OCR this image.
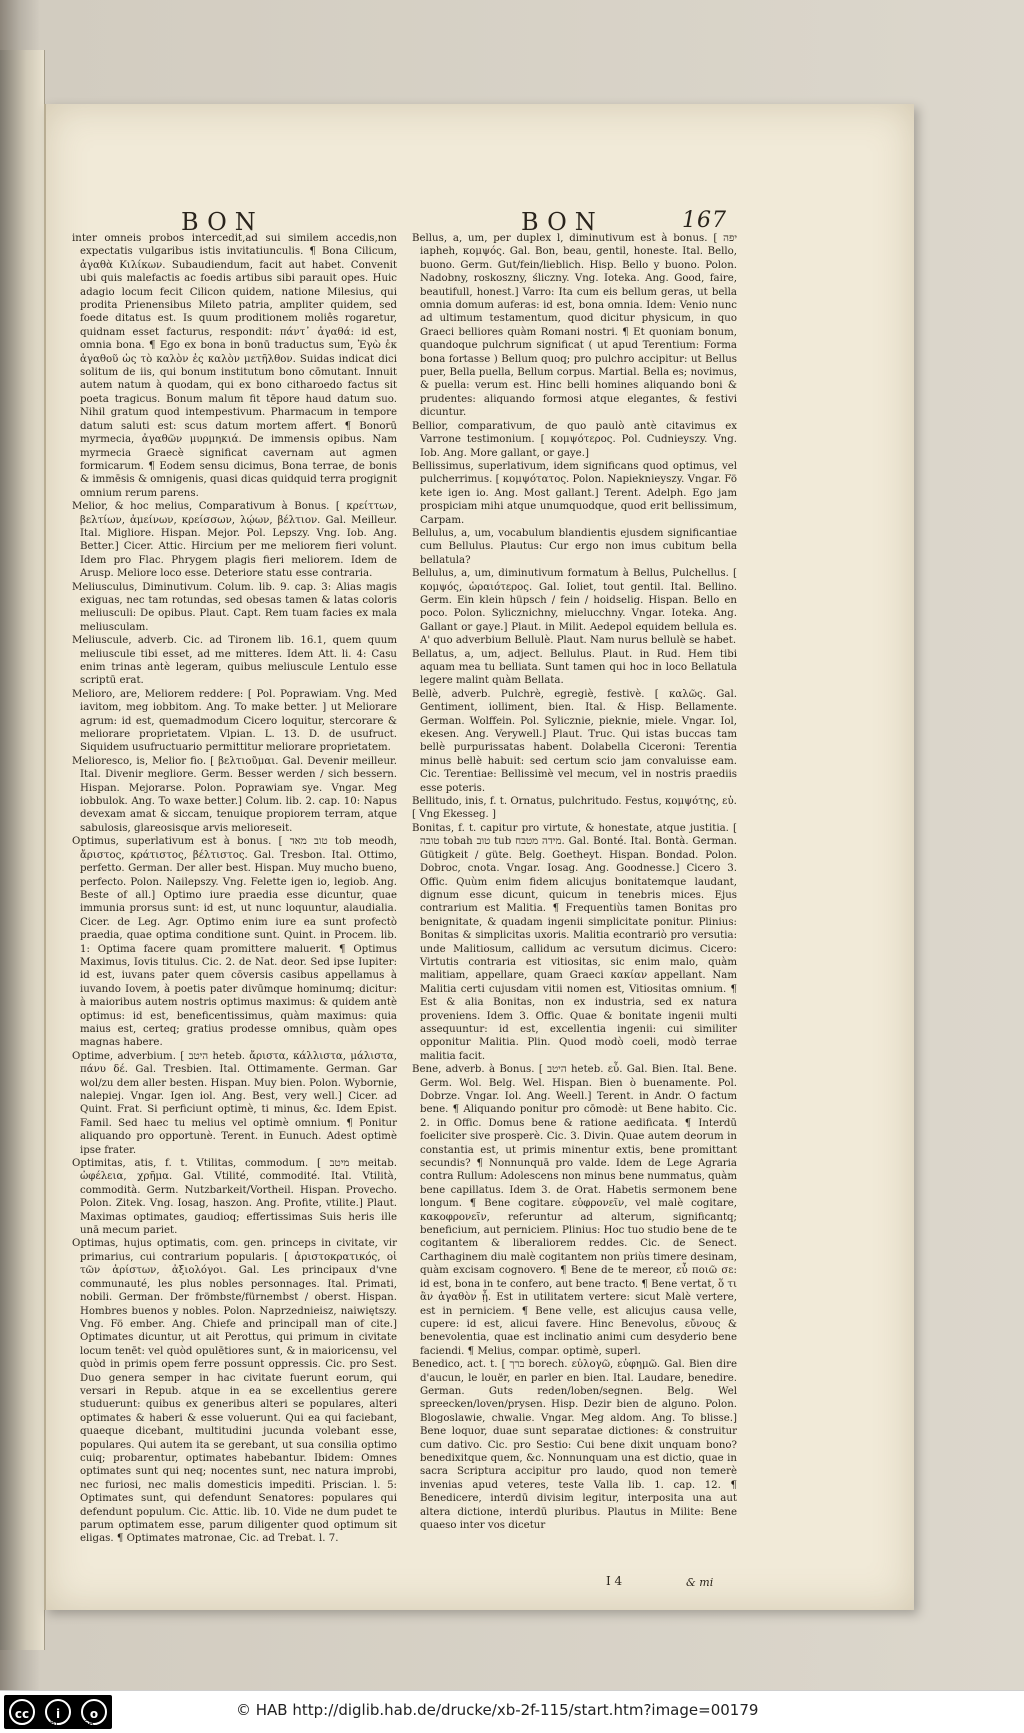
BON	BON	167

inter omneis probos intercedit,ad sui similem accedis,non expectatis vulgaribus istis invitatiunculis. ¶ Bona Cilicum, ἀγαθὰ Κιλίκων. Subaudiendum, facit aut habet. Convenit ubi quis malefactis ac foedis artibus sibi parauit opes. Huic adagio locum fecit Cilicon quidem, natione Milesius, qui prodita Prienensibus Mileto patria, ampliter quidem, sed foede ditatus est. Is quum proditionem moliês rogaretur, quidnam esset facturus, respondit: πάντ᾽ ἀγαθά: id est, omnia bona. ¶ Ego ex bona in bonū traductus sum, Ἐγὼ ἐκ ἀγαθοῦ ὡς τὸ καλὸν ἐς καλὸν μετῆλθον. Suidas indicat dici solitum de iis, qui bonum institutum bono cōmutant. Innuit autem natum à quodam, qui ex bono citharoedo factus sit poeta tragicus. Bonum malum fit tēpore haud datum suo. Nihil gratum quod intempestivum. Pharmacum in tempore datum saluti est: scus datum mortem affert. ¶ Bonorū myrmecia, ἀγαθῶν μυρμηκιά. De immensis opibus. Nam myrmecia Graecè significat cavernam aut agmen formicarum. ¶ Eodem sensu dicimus, Bona terrae, de bonis & immēsis & omnigenis, quasi dicas quidquid terra progignit omnium rerum parens.

Melior, & hoc melius, Comparativum à Bonus. [ κρείττων, βελτίων, ἀμείνων, κρείσσων, λῴων, βέλτιον. Gal. Meilleur. Ital. Migliore. Hispan. Mejor. Pol. Lepszy. Vng. Iob. Ang. Better.] Cicer. Attic. Hircium per me meliorem fieri volunt. Idem pro Flac. Phrygem plagis fieri meliorem. Idem de Arusp. Meliore loco esse. Deteriore statu esse contraria.

Meliusculus, Diminutivum. Colum. lib. 9. cap. 3: Alias magis exiguas, nec tam rotundas, sed obesas tamen & latas coloris meliusculi: De opibus. Plaut. Capt. Rem tuam facies ex mala meliusculam.

Meliuscule, adverb. Cic. ad Tironem lib. 16.1, quem quum meliuscule tibi esset, ad me mitteres. Idem Att. li. 4: Casu enim trinas antè legeram, quibus meliuscule Lentulo esse scriptū erat.

Melioro, are, Meliorem reddere: [ Pol. Poprawiam. Vng. Med iavitom, meg iobbitom. Ang. To make better. ] ut Meliorare agrum: id est, quemadmodum Cicero loquitur, stercorare & meliorare proprietatem. Vlpian. L. 13. D. de usufruct. Siquidem usufructuario permittitur meliorare proprietatem.

Melioresco, is, Melior fio. [ βελτιοῦμαι. Gal. Devenir meilleur. Ital. Divenir megliore. Germ. Besser werden / sich bessern. Hispan. Mejorarse. Polon. Poprawiam sye. Vngar. Meg iobbulok. Ang. To waxe better.] Colum. lib. 2. cap. 10: Napus devexam amat & siccam, tenuique propiorem terram, atque sabulosis, glareosisque arvis melioreseit.

Optimus, superlativum est à bonus. [ טוב מאד tob meodh, ἄριστος, κράτιστος, βέλτιστος. Gal. Tresbon. Ital. Ottimo, perfetto. German. Der aller best. Hispan. Muy mucho bueno, perfecto. Polon. Nailepszy. Vng. Felette igen io, legiob. Ang. Beste of all.] Optimo iure praedia esse dicuntur, quae immunia prorsus sunt: id est, ut nunc loquuntur, alaudialia. Cicer. de Leg. Agr. Optimo enim iure ea sunt profectò praedia, quae optima conditione sunt. Quint. in Procem. lib. 1: Optima facere quam promittere maluerit. ¶ Optimus Maximus, Iovis titulus. Cic. 2. de Nat. deor. Sed ipse Iupiter: id est, iuvans pater quem cōversis casibus appellamus à iuvando Iovem, à poetis pater divūmque hominumq; dicitur: à maioribus autem nostris optimus maximus: & quidem antè optimus: id est, beneficentissimus, quàm maximus: quia maius est, certeq; gratius prodesse omnibus, quàm opes magnas habere.

Optime, adverbium. [ היטב heteb. ἄριστα, κάλλιστα, μάλιστα, πάνυ δέ. Gal. Tresbien. Ital. Ottimamente. German. Gar wol/zu dem aller besten. Hispan. Muy bien. Polon. Wybornie, nalepiej. Vngar. Igen iol. Ang. Best, very well.] Cicer. ad Quint. Frat. Si perficiunt optimè, ti minus, &c. Idem Epist. Famil. Sed haec tu melius vel optimè omnium. ¶ Ponitur aliquando pro opportunè. Terent. in Eunuch. Adest optimè ipse frater.

Optimitas, atis, f. t. Vtilitas, commodum. [ מיטב meitab. ὠφέλεια, χρῆμα. Gal. Vtilité, commodité. Ital. Vtilità, commodità. Germ. Nutzbarkeit/Vortheil. Hispan. Provecho. Polon. Zitek. Vng. Iosag, haszon. Ang. Profite, vtilite.] Plaut. Maximas optimates, gaudioq; effertissimas Suis heris ille unā mecum pariet.

Optimas, hujus optimatis, com. gen. princeps in civitate, vir primarius, cui contrarium popularis. [ ἀριστοκρατικός, οἱ τῶν ἀρίστων, ἀξιολόγοι. Gal. Les principaux d'vne communauté, les plus nobles personnages. Ital. Primati, nobili. German. Der frömbste/fürnembst / oberst. Hispan. Hombres buenos y nobles. Polon. Naprzednieisz, naiwiętszy. Vng. Fö ember. Ang. Chiefe and principall man of cite.] Optimates dicuntur, ut ait Perottus, qui primum in civitate locum tenēt: vel quòd opulētiores sunt, & in maioricensu, vel quòd in primis opem ferre possunt oppressis. Cic. pro Sest. Duo genera semper in hac civitate fuerunt eorum, qui versari in Repub. atque in ea se excellentius gerere studuerunt: quibus ex generibus alteri se populares, alteri optimates & haberi & esse voluerunt. Qui ea qui faciebant, quaeque dicebant, multitudini jucunda volebant esse, populares. Qui autem ita se gerebant, ut sua consilia optimo cuiq; probarentur, optimates habebantur. Ibidem: Omnes optimates sunt qui neq; nocentes sunt, nec natura improbi, nec furiosi, nec malis domesticis impediti. Priscian. l. 5: Optimates sunt, qui defendunt Senatores: populares qui defendunt populum. Cic. Attic. lib. 10. Vide ne dum pudet te parum optimatem esse, parum diligenter quod optimum sit eligas. ¶ Optimates matronae, Cic. ad Trebat. l. 7.

Bellus, a, um, per duplex l, diminutivum est à bonus. [ יפה iapheh, κομψός. Gal. Bon, beau, gentil, honeste. Ital. Bello, buono. Germ. Gut/fein/lieblich. Hisp. Bello y buono. Polon. Nadobny, roskoszny, śliczny. Vng. Ioteka. Ang. Good, faire, beautifull, honest.] Varro: Ita cum eis bellum geras, ut bella omnia domum auferas: id est, bona omnia. Idem: Venio nunc ad ultimum testamentum, quod dicitur physicum, in quo Graeci belliores quàm Romani nostri. ¶ Et quoniam bonum, quandoque pulchrum significat ( ut apud Terentium: Forma bona fortasse ) Bellum quoq; pro pulchro accipitur: ut Bellus puer, Bella puella, Bellum corpus. Martial. Bella es; novimus, & puella: verum est. Hinc belli homines aliquando boni & prudentes: aliquando formosi atque elegantes, & festivi dicuntur.

Bellior, comparativum, de quo paulò antè citavimus ex Varrone testimonium. [ κομψότερος. Pol. Cudnieyszy. Vng. Iob. Ang. More gallant, or gaye.]

Bellissimus, superlativum, idem significans quod optimus, vel pulcherrimus. [ κομψότατος. Polon. Napieknieyszy. Vngar. Fö kete igen io. Ang. Most gallant.] Terent. Adelph. Ego jam prospiciam mihi atque unumquodque, quod erit bellissimum, Carpam.

Bellulus, a, um, vocabulum blandientis ejusdem significantiae cum Bellulus. Plautus: Cur ergo non imus cubitum bella bellatula?

Bellulus, a, um, diminutivum formatum à Bellus, Pulchellus. [ κομψός, ὡραιότερος. Gal. Ioliet, tout gentil. Ital. Bellino. Germ. Ein klein hüpsch / fein / hoidselig. Hispan. Bello en poco. Polon. Sylicznichny, mielucchny. Vngar. Ioteka. Ang. Gallant or gaye.] Plaut. in Milit. Aedepol equidem bellula es. A' quo adverbium Bellulè. Plaut. Nam nurus bellulè se habet.

Bellatus, a, um, adject. Bellulus. Plaut. in Rud. Hem tibi aquam mea tu belliata. Sunt tamen qui hoc in loco Bellatula legere malint quàm Bellata.

Bellè, adverb. Pulchrè, egregiè, festivè. [ καλῶς. Gal. Gentiment, iolliment, bien. Ital. & Hisp. Bellamente. German. Wolffein. Pol. Sylicznie, pieknie, miele. Vngar. Iol, ekesen. Ang. Verywell.] Plaut. Truc. Qui istas buccas tam bellè purpurissatas habent. Dolabella Ciceroni: Terentia minus bellè habuit: sed certum scio jam convaluisse eam. Cic. Terentiae: Bellissimè vel mecum, vel in nostris praediis esse poteris.

Bellitudo, inis, f. t. Ornatus, pulchritudo. Festus, κομψότης, εὐ.

[ Vng Ekesseg. ]

Bonitas, f. t. capitur pro virtute, & honestate, atque justitia. [ טובה tobah טוב tub מידה מטבח. Gal. Bonté. Ital. Bontà. German. Gütigkeit / güte. Belg. Goetheyt. Hispan. Bondad. Polon. Dobroc, cnota. Vngar. Iosag. Ang. Goodnesse.] Cicero 3. Offic. Quùm enim fidem alicujus bonitatemque laudant, dignum esse dicunt, quicum in tenebris mices. Ejus contrarium est Malitia. ¶ Frequentiùs tamen Bonitas pro benignitate, & quadam ingenii simplicitate ponitur. Plinius: Bonitas & simplicitas uxoris. Malitia econtrariò pro versutia: unde Malitiosum, callidum ac versutum dicimus. Cicero: Virtutis contraria est vitiositas, sic enim malo, quàm malitiam, appellare, quam Graeci κακίαν appellant. Nam Malitia certi cujusdam vitii nomen est, Vitiositas omnium. ¶ Est & alia Bonitas, non ex industria, sed ex natura proveniens. Idem 3. Offic. Quae & bonitate ingenii multi assequuntur: id est, excellentia ingenii: cui similiter opponitur Malitia. Plin. Quod modò coeli, modò terrae malitia facit.

Bene, adverb. à Bonus. [ היטב heteb. εὖ. Gal. Bien. Ital. Bene. Germ. Wol. Belg. Wel. Hispan. Bien ò buenamente. Pol. Dobrze. Vngar. Iol. Ang. Weell.] Terent. in Andr. O factum bene. ¶ Aliquando ponitur pro cōmodè: ut Bene habito. Cic. 2. in Offic. Domus bene & ratione aedificata. ¶ Interdū foeliciter sive prosperè. Cic. 3. Divin. Quae autem deorum in constantia est, ut primis minentur extis, bene promittant secundis? ¶ Nonnunquā pro valde. Idem de Lege Agraria contra Rullum: Adolescens non minus bene nummatus, quàm bene capillatus. Idem 3. de Orat. Habetis sermonem bene longum. ¶ Bene cogitare. εὐφρονεῖν, vel malè cogitare, κακοφρονεῖν, referuntur ad alterum, significantq; beneficium, aut perniciem. Plinius: Hoc tuo studio bene de te cogitantem & liberaliorem reddes. Cic. de Senect. Carthaginem diu malè cogitantem non priùs timere desinam, quàm excisam cognovero. ¶ Bene de te mereor, εὖ ποιῶ σε: id est, bona in te confero, aut bene tracto. ¶ Bene vertat, ὅ τι ἂν ἀγαθὸν ᾖ. Est in utilitatem vertere: sicut Malè vertere, est in perniciem. ¶ Bene velle, est alicujus causa velle, cupere: id est, alicui favere. Hinc Benevolus, εὔνους & benevolentia, quae est inclinatio animi cum desyderio bene faciendi. ¶ Melius, compar. optimè, superl.

Benedico, act. t. [ ברך borech. εὐλογῶ, εὐφημῶ. Gal. Bien dire d'aucun, le louër, en parler en bien. Ital. Laudare, benedire. German. Guts reden/loben/segnen. Belg. Wel spreecken/loven/prysen. Hisp. Dezir bien de alguno. Polon. Blogoslawie, chwalie. Vngar. Meg aldom. Ang. To blisse.] Bene loquor, duae sunt separatae dictiones: & construitur cum dativo. Cic. pro Sestio: Cui bene dixit unquam bono? benedixitque quem, &c. Nonnunquam una est dictio, quae in sacra Scriptura accipitur pro laudo, quod non temerè invenias apud veteres, teste Valla lib. 1. cap. 12. ¶ Benedicere, interdū divisim legitur, interposita una aut altera dictione, interdū pluribus. Plautus in Milite: Bene quaeso inter vos dicetur

I 4	& mi
cc	i	o
BY	SA
© HAB http://diglib.hab.de/drucke/xb-2f-115/start.htm?image=00179
